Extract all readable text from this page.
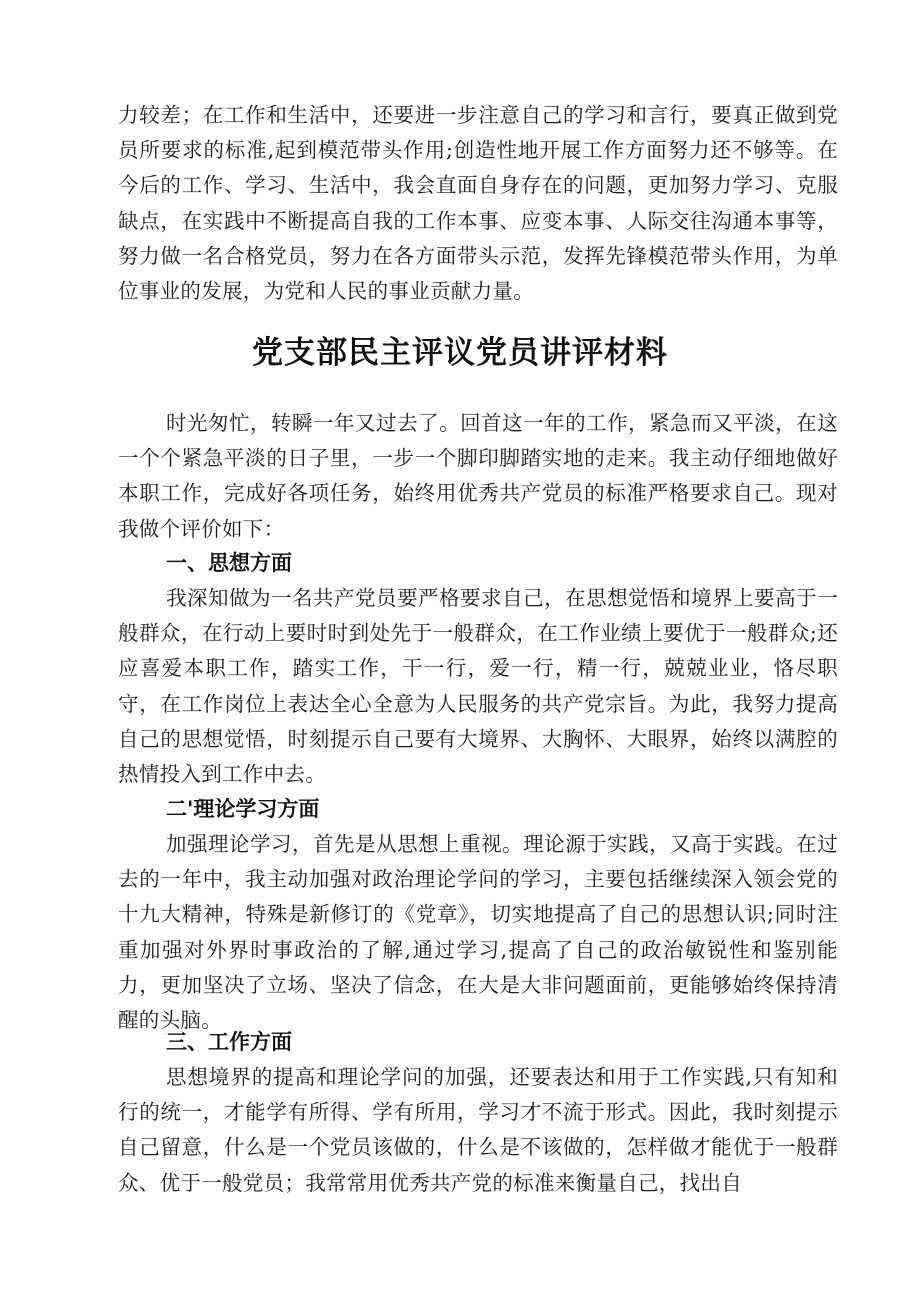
力较差；在工作和生活中，还要进一步注意自己的学习和言行，要真正做到党员所要求的标准,起到模范带头作用;创造性地开展工作方面努力还不够等。在今后的工作、学习、生活中，我会直面自身存在的问题，更加努力学习、克服缺点，在实践中不断提高自我的工作本事、应变本事、人际交往沟通本事等，努力做一名合格党员，努力在各方面带头示范，发挥先锋模范带头作用，为单位事业的发展，为党和人民的事业贡献力量。

党支部民主评议党员讲评材料

时光匆忙，转瞬一年又过去了。回首这一年的工作，紧急而又平淡，在这一个个紧急平淡的日子里，一步一个脚印脚踏实地的走来。我主动仔细地做好本职工作，完成好各项任务，始终用优秀共产党员的标准严格要求自己。现对我做个评价如下：

一、思想方面

我深知做为一名共产党员要严格要求自己，在思想觉悟和境界上要高于一般群众，在行动上要时时到处先于一般群众，在工作业绩上要优于一般群众;还应喜爱本职工作，踏实工作，干一行，爱一行，精一行，兢兢业业，恪尽职守，在工作岗位上表达全心全意为人民服务的共产党宗旨。为此，我努力提高自己的思想觉悟，时刻提示自己要有大境界、大胸怀、大眼界，始终以满腔的热情投入到工作中去。

二'理论学习方面

加强理论学习，首先是从思想上重视。理论源于实践，又高于实践。在过去的一年中，我主动加强对政治理论学问的学习，主要包括继续深入领会党的十九大精神，特殊是新修订的《党章》，切实地提高了自己的思想认识;同时注重加强对外界时事政治的了解,通过学习,提高了自己的政治敏锐性和鉴别能力，更加坚决了立场、坚决了信念，在大是大非问题面前，更能够始终保持清醒的头脑。

三、工作方面

思想境界的提高和理论学问的加强，还要表达和用于工作实践,只有知和行的统一，才能学有所得、学有所用，学习才不流于形式。因此，我时刻提示自己留意，什么是一个党员该做的，什么是不该做的，怎样做才能优于一般群众、优于一般党员；我常常用优秀共产党的标准来衡量自己，找出自
